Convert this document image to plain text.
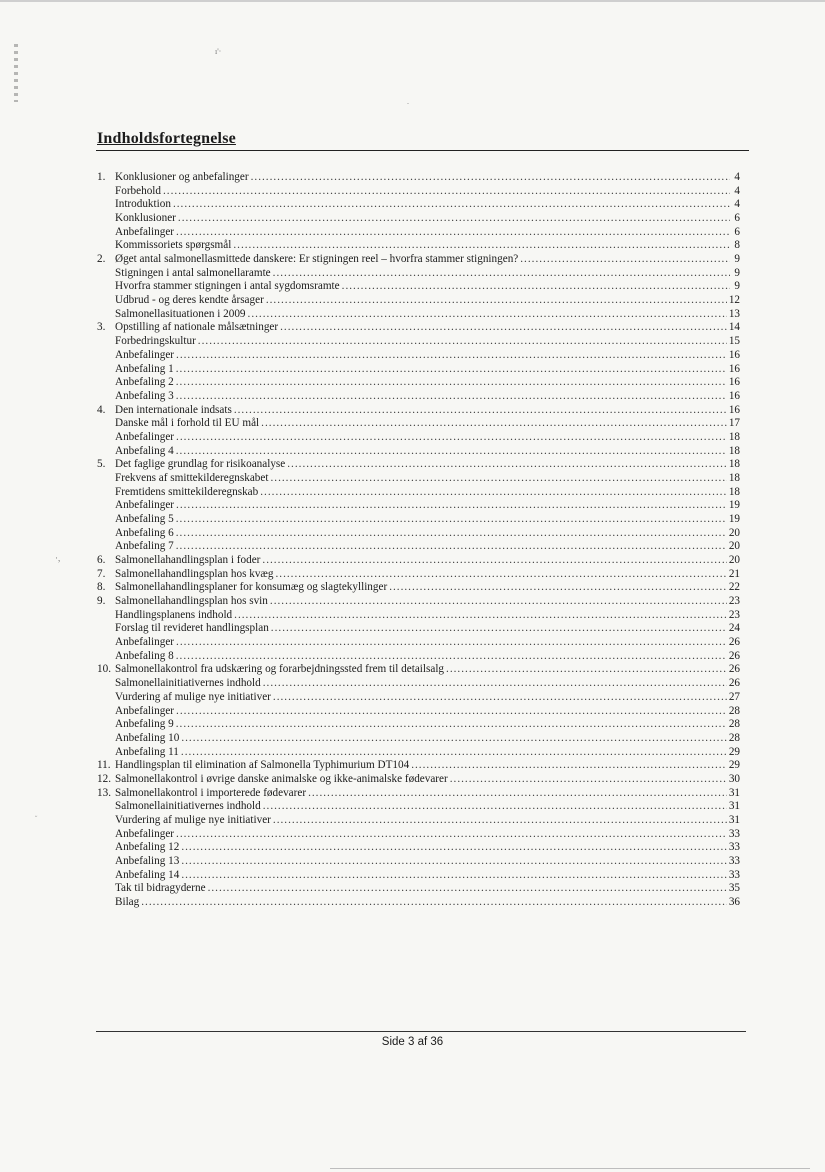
ı'·
-
·,
ᵕ
Indholdsfortegnelse
1. Konklusioner og anbefalinger .....	4
Forbehold .....	4
Introduktion .....	4
Konklusioner .....	6
Anbefalinger .....	6
Kommissoriets spørgsmål .....	8
2. Øget antal salmonellasmittede danskere: Er stigningen reel – hvorfra stammer stigningen? .....	9
Stigningen i antal salmonellaramte .....	9
Hvorfra stammer stigningen i antal sygdomsramte .....	9
Udbrud - og deres kendte årsager .....	12
Salmonellasituationen i 2009 .....	13
3. Opstilling af nationale målsætninger .....	14
Forbedringskultur .....	15
Anbefalinger .....	16
Anbefaling 1 .....	16
Anbefaling 2 .....	16
Anbefaling 3 .....	16
4. Den internationale indsats .....	16
Danske mål i forhold til EU mål .....	17
Anbefalinger .....	18
Anbefaling 4 .....	18
5. Det faglige grundlag for risikoanalyse .....	18
Frekvens af smittekilderegnskabet .....	18
Fremtidens smittekilderegnskab .....	18
Anbefalinger .....	19
Anbefaling 5 .....	19
Anbefaling 6 .....	20
Anbefaling 7 .....	20
6. Salmonellahandlingsplan i foder .....	20
7. Salmonellahandlingsplan hos kvæg .....	21
8. Salmonellahandlingsplaner for konsumæg og slagtekyllinger .....	22
9. Salmonellahandlingsplan hos svin .....	23
Handlingsplanens indhold .....	23
Forslag til revideret handlingsplan .....	24
Anbefalinger .....	26
Anbefaling 8 .....	26
10. Salmonellakontrol fra udskæring og forarbejdningssted frem til detailsalg .....	26
Salmonellainitiativernes indhold .....	26
Vurdering af mulige nye initiativer .....	27
Anbefalinger .....	28
Anbefaling 9 .....	28
Anbefaling 10 .....	28
Anbefaling 11 .....	29
11. Handlingsplan til elimination af Salmonella Typhimurium DT104 .....	29
12. Salmonellakontrol i øvrige danske animalske og ikke-animalske fødevarer .....	30
13. Salmonellakontrol i importerede fødevarer .....	31
Salmonellainitiativernes indhold .....	31
Vurdering af mulige nye initiativer .....	31
Anbefalinger .....	33
Anbefaling 12 .....	33
Anbefaling 13 .....	33
Anbefaling 14 .....	33
Tak til bidragyderne .....	35
Bilag .....	36
Side 3 af 36
